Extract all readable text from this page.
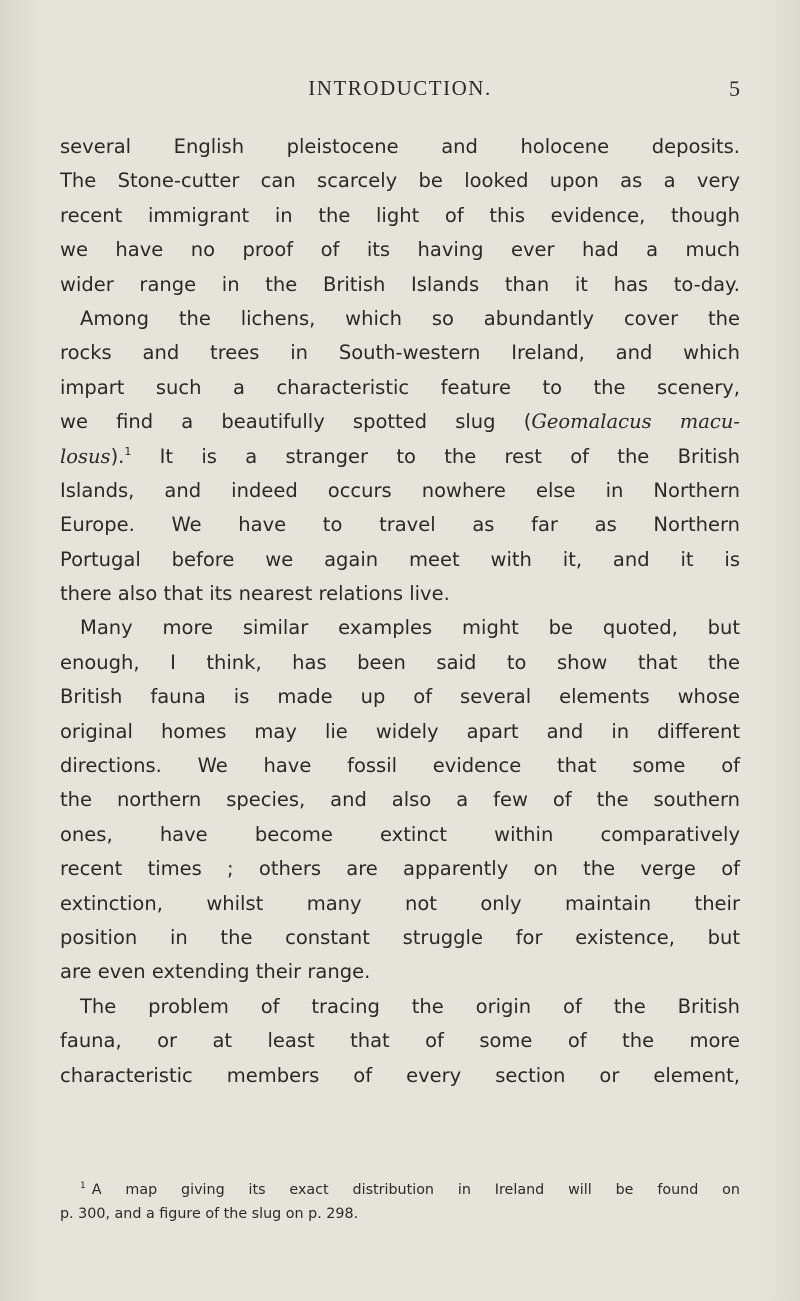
INTRODUCTION.	5
several English pleistocene and holocene deposits.
The Stone-cutter can scarcely be looked upon as a very
recent immigrant in the light of this evidence, though
we have no proof of its having ever had a much
wider range in the British Islands than it has to-day.
Among the lichens, which so abundantly cover the
rocks and trees in South-western Ireland, and which
impart such a characteristic feature to the scenery,
we find a beautifully spotted slug (Geomalacus macu-
losus).$^1$ It is a stranger to the rest of the British
Islands, and indeed occurs nowhere else in Northern
Europe. We have to travel as far as Northern
Portugal before we again meet with it, and it is
there also that its nearest relations live.
Many more similar examples might be quoted, but
enough, I think, has been said to show that the
British fauna is made up of several elements whose
original homes may lie widely apart and in different
directions. We have fossil evidence that some of
the northern species, and also a few of the southern
ones, have become extinct within comparatively
recent times ; others are apparently on the verge of
extinction, whilst many not only maintain their
position in the constant struggle for existence, but
are even extending their range.
The problem of tracing the origin of the British
fauna, or at least that of some of the more
characteristic members of every section or element,
$^1$ A map giving its exact distribution in Ireland will be found on
p. 300, and a figure of the slug on p. 298.
